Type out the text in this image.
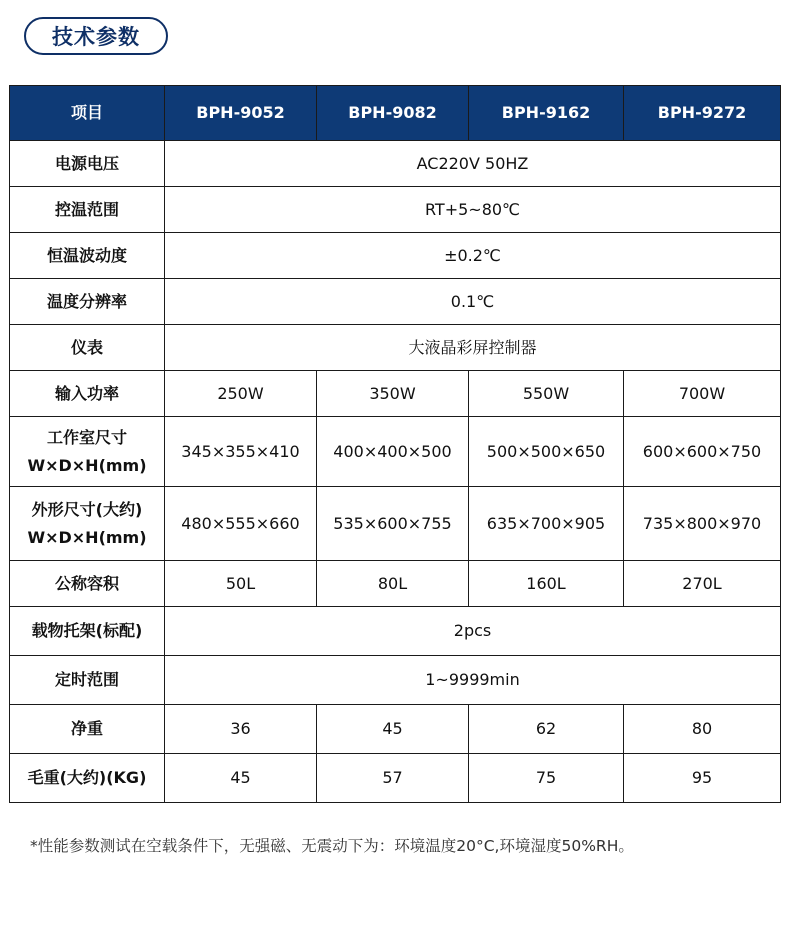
技术参数
项目	BPH-9052	BPH-9082	BPH-9162	BPH-9272
电源电压	AC220V 50HZ			
控温范围	RT+5~80℃			
恒温波动度	±0.2℃			
温度分辨率	0.1℃			
仪表	大液晶彩屏控制器			
输入功率	250W	350W	550W	700W

工作室尺寸
W×D×H(mm)	345×355×410	400×400×500	500×500×650	600×600×750

外形尺寸(大约)
W×D×H(mm)	480×555×660	535×600×755	635×700×905	735×800×970
公称容积	50L	80L	160L	270L
载物托架(标配)	2pcs			
定时范围	1~9999min			
净重	36	45	62	80
毛重(大约)(KG)	45	57	75	95
*性能参数测试在空载条件下，无强磁、无震动下为：环境温度20°C,环境湿度50%RH。
